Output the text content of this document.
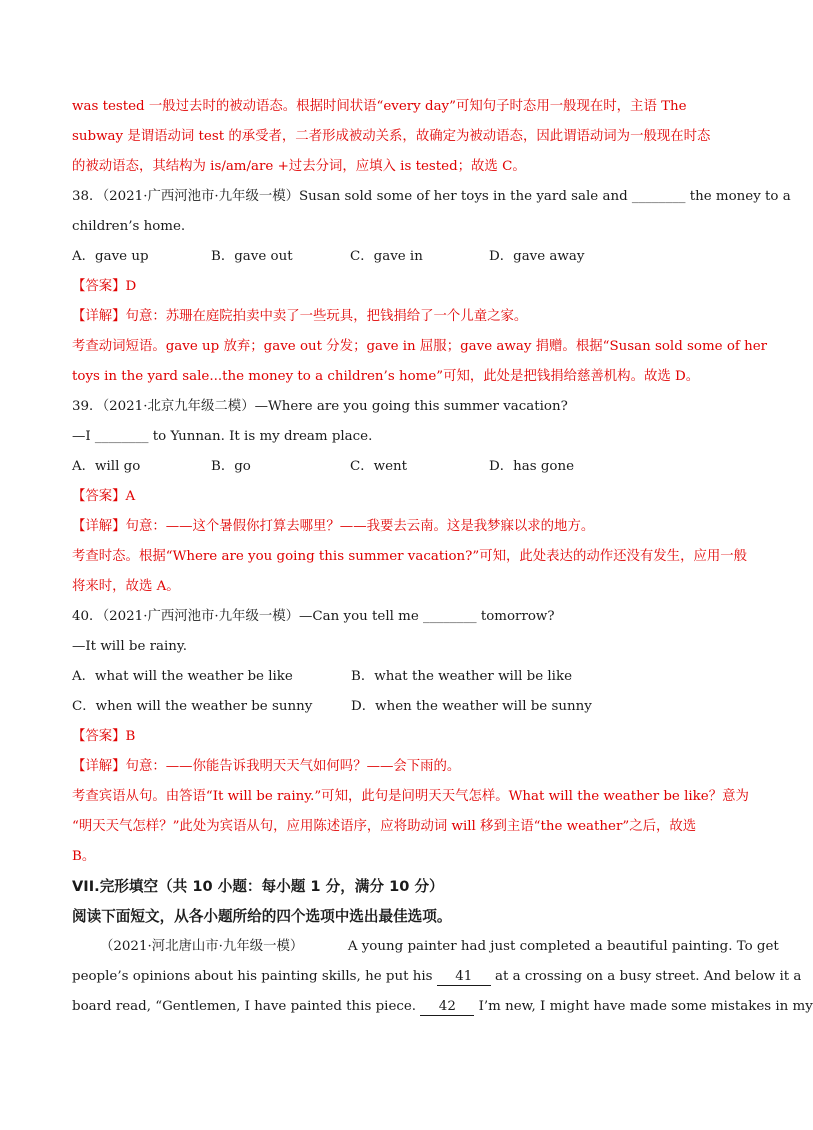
was tested 一般过去时的被动语态。根据时间状语“every day”可知句子时态用一般现在时，主语 The
subway 是谓语动词 test 的承受者，二者形成被动关系，故确定为被动语态，因此谓语动词为一般现在时态
的被动语态，其结构为 is/am/are +过去分词，应填入 is tested；故选 C。
38．（2021·广西河池市·九年级一模）Susan sold some of her toys in the yard sale and ________ the money to a
children’s home.
A．gave up	B．gave out	C．gave in	D．gave away
【答案】D
【详解】句意：苏珊在庭院拍卖中卖了一些玩具，把钱捐给了一个儿童之家。
考查动词短语。gave up 放弃；gave out 分发；gave in 屈服；gave away 捐赠。根据“Susan sold some of her
toys in the yard sale...the money to a children’s home”可知，此处是把钱捐给慈善机构。故选 D。
39．（2021·北京九年级二模）—Where are you going this summer vacation?
—I ________ to Yunnan. It is my dream place.
A．will go	B．go	C．went	D．has gone
【答案】A
【详解】句意：——这个暑假你打算去哪里？——我要去云南。这是我梦寐以求的地方。
考查时态。根据“Where are you going this summer vacation?”可知，此处表达的动作还没有发生，应用一般
将来时，故选 A。
40．（2021·广西河池市·九年级一模）—Can you tell me ________ tomorrow?
—It will be rainy.
A．what will the weather be like	B．what the weather will be like
C．when will the weather be sunny	D．when the weather will be sunny
【答案】B
【详解】句意：——你能告诉我明天天气如何吗？——会下雨的。
考查宾语从句。由答语“It will be rainy.”可知，此句是问明天天气怎样。What will the weather be like？意为
“明天天气怎样？”此处为宾语从句，应用陈述语序，应将助动词 will 移到主语“the weather”之后，故选
B。
VII.完形填空（共 10 小题：每小题 1 分，满分 10 分）
阅读下面短文，从各小题所给的四个选项中选出最佳选项。
（2021·河北唐山市·九年级一模）	A young painter had just completed a beautiful painting. To get
people’s opinions about his painting skills, he put his 41 at a crossing on a busy street. And below it a
board read, “Gentlemen, I have painted this piece. 42 I’m new, I might have made some mistakes in my
